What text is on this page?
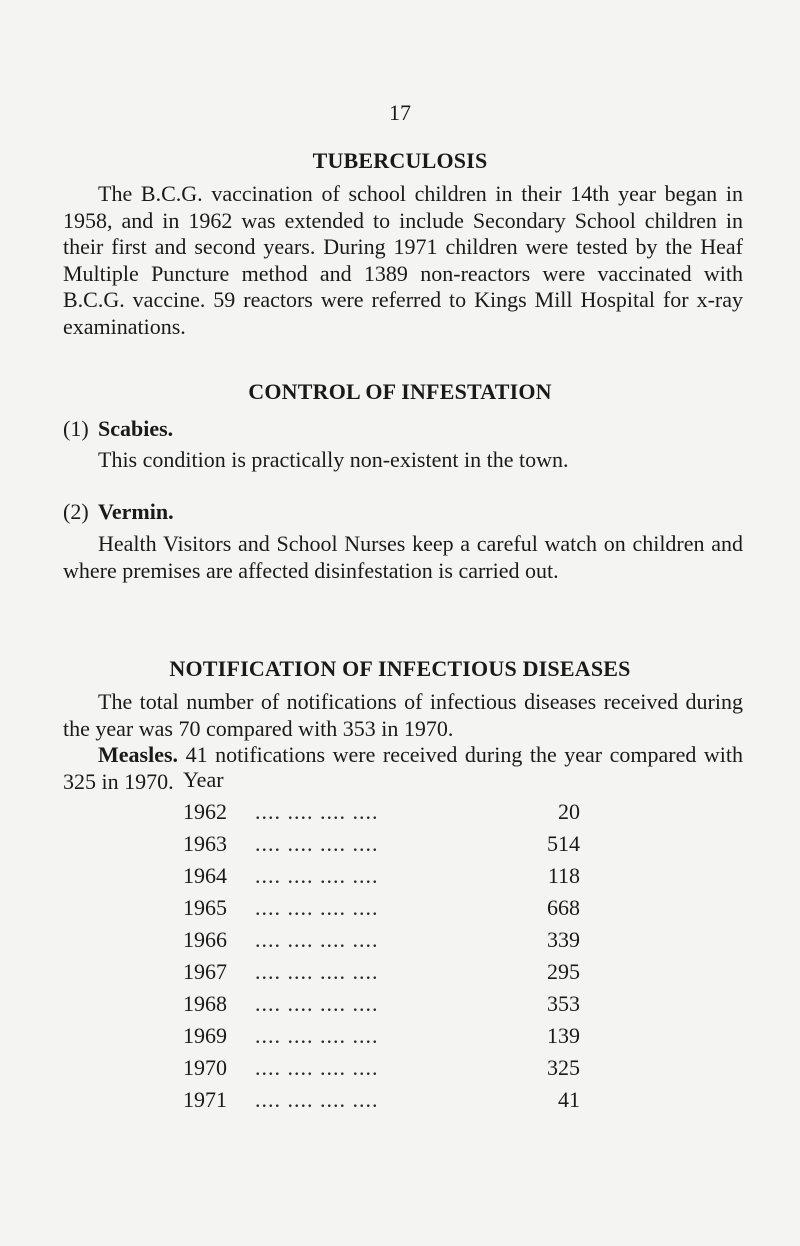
17
TUBERCULOSIS
The B.C.G. vaccination of school children in their 14th year began in 1958, and in 1962 was extended to include Secondary School children in their first and second years. During 1971 children were tested by the Heaf Multiple Puncture method and 1389 non-reactors were vaccinated with B.C.G. vaccine. 59 reactors were referred to Kings Mill Hospital for x-ray examinations.
CONTROL OF INFESTATION
(1) Scabies.
This condition is practically non-existent in the town.
(2) Vermin.
Health Visitors and School Nurses keep a careful watch on children and where premises are affected disinfestation is carried out.
NOTIFICATION OF INFECTIOUS DISEASES
The total number of notifications of infectious diseases received during the year was 70 compared with 353 in 1970.
Measles. 41 notifications were received during the year compared with 325 in 1970. Year
1962	.... .... .... ....	20
1963	.... .... .... ....	514
1964	.... .... .... ....	118
1965	.... .... .... ....	668
1966	.... .... .... ....	339
1967	.... .... .... ....	295
1968	.... .... .... ....	353
1969	.... .... .... ....	139
1970	.... .... .... ....	325
1971	.... .... .... ....	41
